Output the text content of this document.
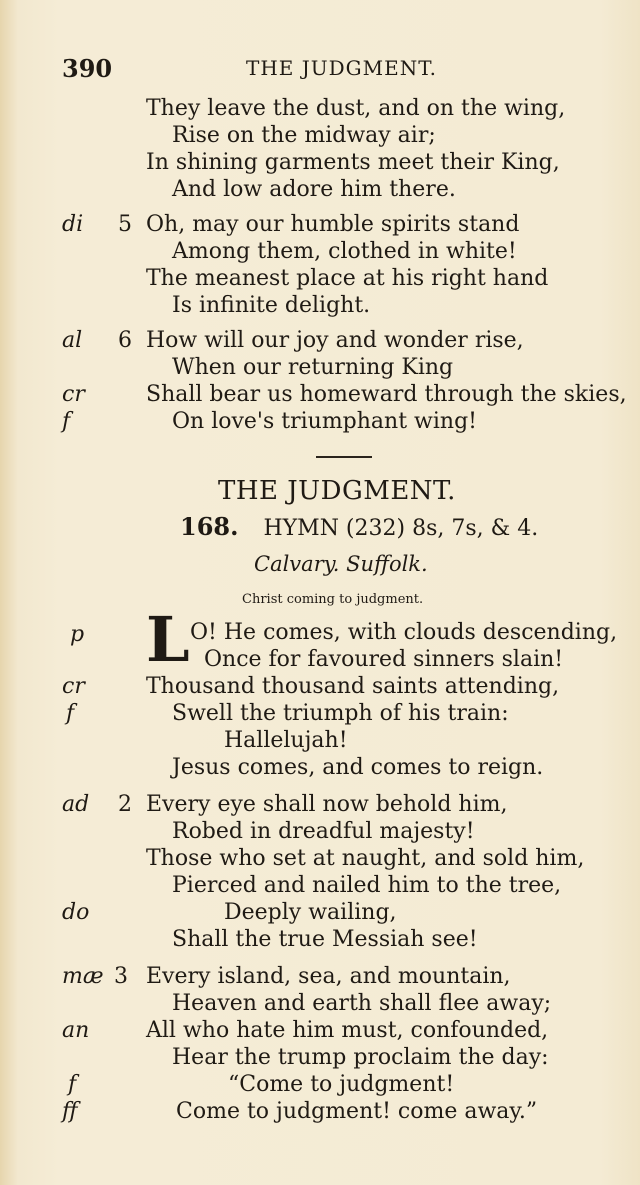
390	THE JUDGMENT.
They leave the dust, and on the wing,
Rise on the midway air;
In shining garments meet their King,
And low adore him there.
di 5 Oh, may our humble spirits stand
Among them, clothed in white!
The meanest place at his right hand
Is infinite delight.
al 6 How will our joy and wonder rise,
When our returning King
cr	Shall bear us homeward through the skies,
f	On love's triumphant wing!
THE JUDGMENT.
168. HYMN (232) 8s, 7s, & 4.
Calvary. Suffolk.
Christ coming to judgment.
L
p	O! He comes, with clouds descending,
Once for favoured sinners slain!
cr	Thousand thousand saints attending,
f	Swell the triumph of his train:
Hallelujah!
Jesus comes, and comes to reign.
ad 2 Every eye shall now behold him,
Robed in dreadful majesty!
Those who set at naught, and sold him,
Pierced and nailed him to the tree,
do	Deeply wailing,
Shall the true Messiah see!
mæ 3 Every island, sea, and mountain,
Heaven and earth shall flee away;
an	All who hate him must, confounded,
Hear the trump proclaim the day:
f	“Come to judgment!
ff	Come to judgment! come away.”
